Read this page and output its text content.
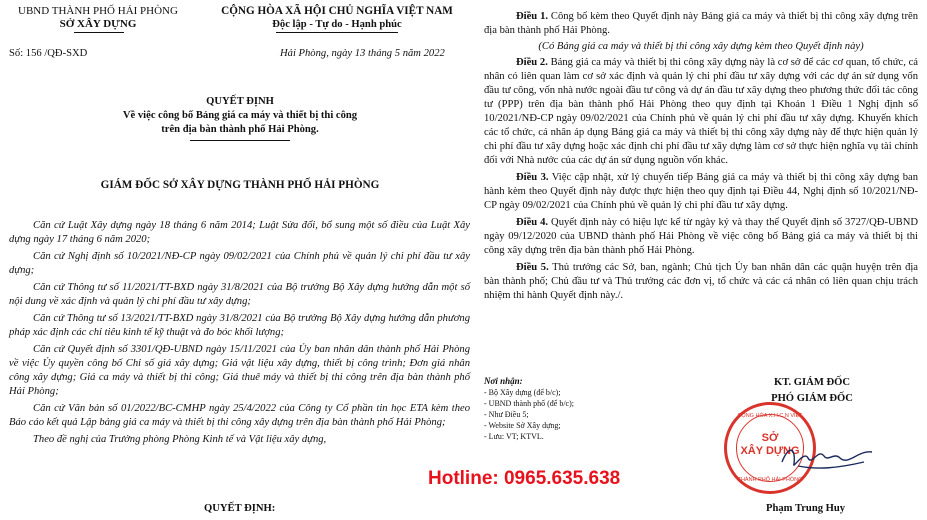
UBND THÀNH PHỐ HẢI PHÒNG
SỞ XÂY DỰNG
Số: 156 /QĐ-SXD
CỘNG HÒA XÃ HỘI CHỦ NGHĨA VIỆT NAM
Độc lập - Tự do - Hạnh phúc
Hải Phòng, ngày 13 tháng 5 năm 2022
QUYẾT ĐỊNH
Về việc công bố Bảng giá ca máy và thiết bị thi công
trên địa bàn thành phố Hải Phòng.
GIÁM ĐỐC SỞ XÂY DỰNG THÀNH PHỐ HẢI PHÒNG
Căn cứ Luật Xây dựng ngày 18 tháng 6 năm 2014; Luật Sửa đổi, bổ sung một số điều của Luật Xây dựng ngày 17 tháng 6 năm 2020;
Căn cứ Nghị định số 10/2021/NĐ-CP ngày 09/02/2021 của Chính phủ về quản lý chi phí đầu tư xây dựng;
Căn cứ Thông tư số 11/2021/TT-BXD ngày 31/8/2021 của Bộ trưởng Bộ Xây dựng hướng dẫn một số nội dung về xác định và quản lý chi phí đầu tư xây dựng;
Căn cứ Thông tư số 13/2021/TT-BXD ngày 31/8/2021 của Bộ trưởng Bộ Xây dựng hướng dẫn phương pháp xác định các chỉ tiêu kinh tế kỹ thuật và đo bóc khối lượng;
Căn cứ Quyết định số 3301/QĐ-UBND ngày 15/11/2021 của Ủy ban nhân dân thành phố Hải Phòng về việc Ủy quyền công bố Chỉ số giá xây dựng; Giá vật liệu xây dựng, thiết bị công trình; Đơn giá nhân công xây dựng; Giá ca máy và thiết bị thi công; Giá thuê máy và thiết bị thi công trên địa bàn thành phố Hải Phòng;
Căn cứ Văn bản số 01/2022/BC-CMHP ngày 25/4/2022 của Công ty Cổ phần tin học ETA kèm theo Báo cáo kết quả Lập bảng giá ca máy và thiết bị thi công xây dựng trên địa bàn thành phố Hải Phòng;
Theo đề nghị của Trưởng phòng Phòng Kinh tế và Vật liệu xây dựng,
QUYẾT ĐỊNH:
Điều 1. Công bố kèm theo Quyết định này Bảng giá ca máy và thiết bị thi công xây dựng trên địa bàn thành phố Hải Phòng.
(Có Bảng giá ca máy và thiết bị thi công xây dựng kèm theo Quyết định này)
Điều 2. Bảng giá ca máy và thiết bị thi công xây dựng này là cơ sở để các cơ quan, tổ chức, cá nhân có liên quan làm cơ sở xác định và quản lý chi phí đầu tư xây dựng với các dự án sử dụng vốn đầu tư công, vốn nhà nước ngoài đầu tư công và dự án đầu tư xây dựng theo phương thức đối tác công tư (PPP) trên địa bàn thành phố Hải Phòng theo quy định tại Khoản 1 Điều 1 Nghị định số 10/2021/NĐ-CP ngày 09/02/2021 của Chính phủ về quản lý chi phí đầu tư xây dựng. Khuyến khích các tổ chức, cá nhân áp dụng Bảng giá ca máy và thiết bị thi công xây dựng này để thực hiện quản lý chi phí đầu tư xây dựng hoặc xác định chi phí đầu tư xây dựng làm cơ sở thực hiện nghĩa vụ tài chính đối với Nhà nước của các dự án sử dụng nguồn vốn khác.
Điều 3. Việc cập nhật, xử lý chuyển tiếp Bảng giá ca máy và thiết bị thi công xây dựng ban hành kèm theo Quyết định này được thực hiện theo quy định tại Điều 44, Nghị định số 10/2021/NĐ-CP ngày 09/02/2021 của Chính phủ về quản lý chi phí đầu tư xây dựng.
Điều 4. Quyết định này có hiệu lực kể từ ngày ký và thay thế Quyết định số 3727/QĐ-UBND ngày 09/12/2020 của UBND thành phố Hải Phòng về việc công bố Bảng giá ca máy và thiết bị thi công xây dựng trên địa bàn thành phố Hải Phòng.
Điều 5. Thủ trưởng các Sở, ban, ngành; Chủ tịch Ủy ban nhân dân các quận huyện trên địa bàn thành phố; Chủ đầu tư và Thủ trưởng các đơn vị, tổ chức và các cá nhân có liên quan chịu trách nhiệm thi hành Quyết định này./.
Nơi nhận:
- Bộ Xây dựng (để b/c);
- UBND thành phố (để b/c);
- Như Điều 5;
- Website Sở Xây dựng;
- Lưu: VT; KTVL.
KT. GIÁM ĐỐC
PHÓ GIÁM ĐỐC
CỘNG HÒA X.H.C.N VIỆT
SỞ
XÂY DỰNG
THÀNH PHỐ HẢI PHÒNG
Phạm Trung Huy
Hotline: 0965.635.638
